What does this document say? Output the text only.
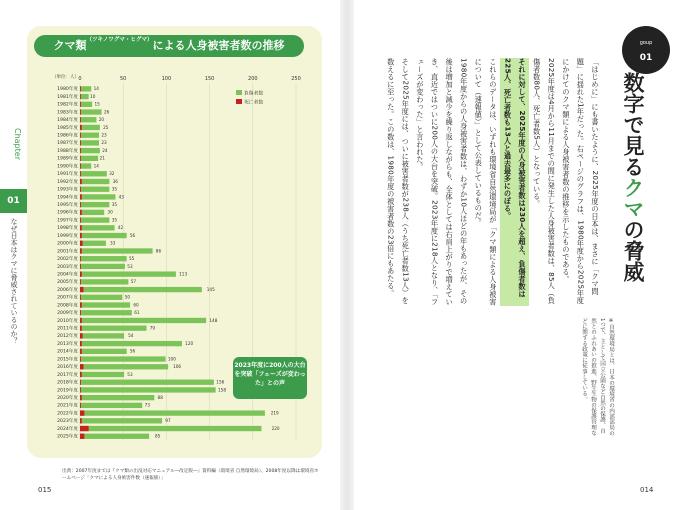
Chapter
01
なぜ日本はクマに脅威されているのか？
015
クマ類$^{(ツキノワグマ・ヒグマ)}$による人身被害者数の推移
（単位：人） 0	50	100	150	200	250
負傷者数
死亡者数
1980年度	14
1981年度	10
1982年度	15
1983年度	26
1984年度	20
1985年度	25
1986年度	23
1987年度	23
1988年度	24
1989年度	21
1990年度	14
1991年度	32
1992年度	36
1993年度	35
1994年度	43
1995年度	35
1996年度	30
1997年度	35
1998年度	42
1999年度	56
2000年度	33
2001年度	86
2002年度	55
2003年度	53
2004年度	113
2005年度	57
2006年度	145
2007年度	50
2008年度	60
2009年度	61
2010年度	148
2011年度	79
2012年度	54
2013年度	120
2014年度	56
2015年度	100
2016年度	106
2017年度	53
2018年度	156
2019年度	158
2020年度	88
2021年度	73
2022年度	219
2023年度	97
2024年度	220
2025年度	85
2023年度に200人の大台を突破「フェーズが変わった」との声
出典：2007年度までは『クマ類の出没対応マニュアル―改定版―』資料編（環境省 自然環境局）、2008年度以降は環境省ホームページ「クマによる人身被害件数（速報値）」
goup
01
数字で見るクマの脅威
「はじめに」にも書いたように、2025年度の日本は、まさに「クマ問題」に揺れた1年だった。右ページのグラフは、1980年度から2025年度にかけてのクマ類による人身被害者数の推移を示したものである。
2025年度は4月から11月までの間に発生した人身被害者数は、85人（負傷者数80人、死亡者数5人）となっている。
それに対して、2025年度の人身被害者数は230人を超え、負傷者数は225人、死亡者数も13人と過去最多にのぼる。
これらのデータは、いずれも環境省自然環境局が「クマ類による人身被害について（速報値）」として公表しているものだ。
1980年度からの人身被害者数は、わずか10人ほどの年もあったが、その後は増加と減少を繰り返しながらも、全体としては右肩上がりで増えていき、直近ではついに200人の大台を突破。2023年度に218人となり、「フェーズが変わった」と言われた。
そして2025年度には、ついに被害者数が238人（うち死亡者数13人）を数えるに至った。この数は、1980年度の被害者数の23倍にもあたる。
※自然環境局とは、日本の環境省の内部部局の1つで、主として国立公園など自然の保護、自然とのふれあいの推進、野生生物の保護管理などに関する政策に従事している。
014
